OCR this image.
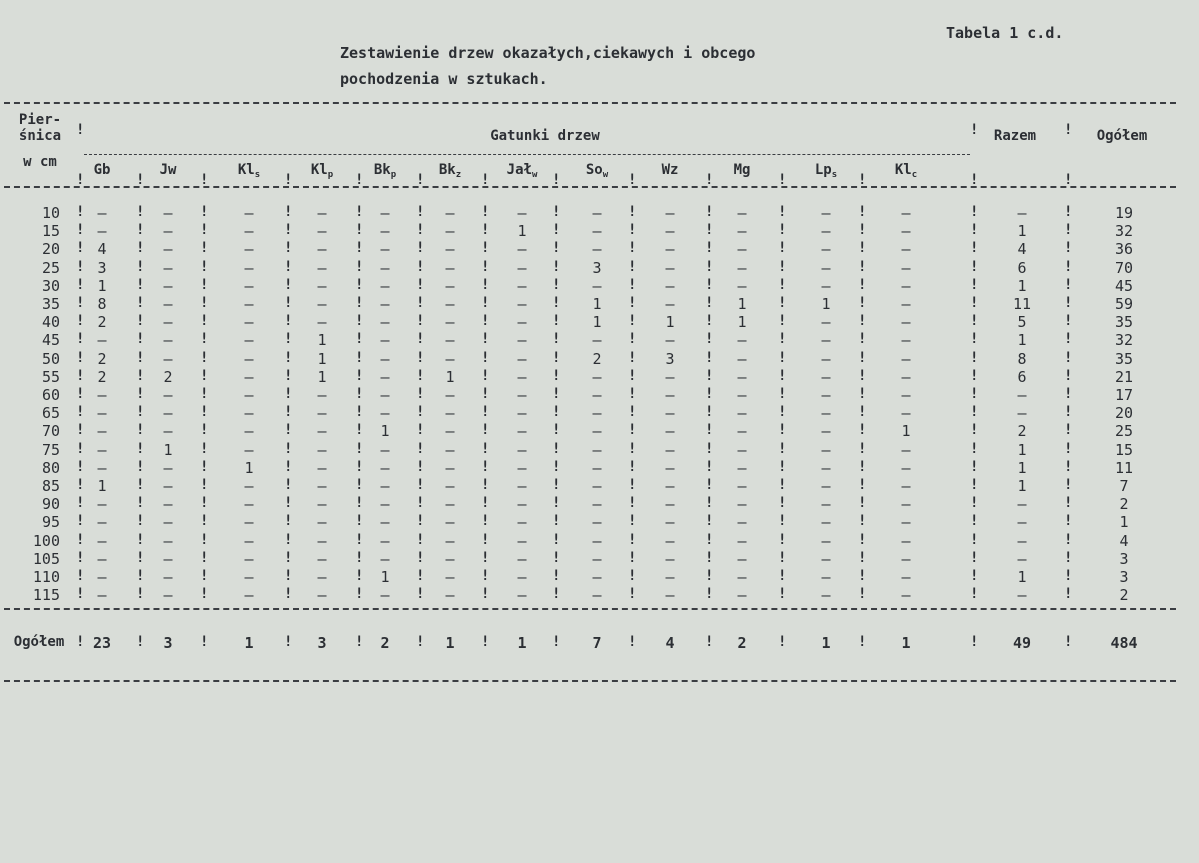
Tabela 1 c.d.
Zestawienie drzew okazałych,ciekawych i obcego
pochodzenia w sztukach.
Pier-
śnica
w cm
Gatunki drzew	Razem	Ogółem
Gb	Jw	$Kl_s$	$Kl_p$	$Bk_p$	$Bk_z$	Jał$_w$	$So_w$	Wz	Mg	$Lp_s$	$Kl_c$
10	–	–	–	–	–	–	–	–	–	–	–	–	–	19
15	–	–	–	–	–	–	1	–	–	–	–	–	1	32
20	4	–	–	–	–	–	–	–	–	–	–	–	4	36
25	3	–	–	–	–	–	–	3	–	–	–	–	6	70
30	1	–	–	–	–	–	–	–	–	–	–	–	1	45
35	8	–	–	–	–	–	–	1	–	1	1	–	11	59
40	2	–	–	–	–	–	–	1	1	1	–	–	5	35
45	–	–	–	1	–	–	–	–	–	–	–	–	1	32
50	2	–	–	1	–	–	–	2	3	–	–	–	8	35
55	2	2	–	1	–	1	–	–	–	–	–	–	6	21
60	–	–	–	–	–	–	–	–	–	–	–	–	–	17
65	–	–	–	–	–	–	–	–	–	–	–	–	–	20
70	–	–	–	–	1	–	–	–	–	–	–	1	2	25
75	–	1	–	–	–	–	–	–	–	–	–	–	1	15
80	–	–	1	–	–	–	–	–	–	–	–	–	1	11
85	1	–	–	–	–	–	–	–	–	–	–	–	1	7
90	–	–	–	–	–	–	–	–	–	–	–	–	–	2
95	–	–	–	–	–	–	–	–	–	–	–	–	–	1
100	–	–	–	–	–	–	–	–	–	–	–	–	–	4
105	–	–	–	–	–	–	–	–	–	–	–	–	–	3
110	–	–	–	–	1	–	–	–	–	–	–	–	1	3
115	–	–	–	–	–	–	–	–	–	–	–	–	–	2
Ogółem	23	3	1	3	2	1	1	7	4	2	1	1	49	484
!	!	!
!	!	!	!	!	!	!	!	!	!	!	!	!	!
!	!	!	!	!	!	!	!	!	!	!	!	!	!
!	!	!	!	!	!	!	!	!	!	!	!	!	!
!	!	!	!	!	!	!	!	!	!	!	!	!	!
!	!	!	!	!	!	!	!	!	!	!	!	!	!
!	!	!	!	!	!	!	!	!	!	!	!	!	!
!	!	!	!	!	!	!	!	!	!	!	!	!	!
!	!	!	!	!	!	!	!	!	!	!	!	!	!
!	!	!	!	!	!	!	!	!	!	!	!	!	!
!	!	!	!	!	!	!	!	!	!	!	!	!	!
!	!	!	!	!	!	!	!	!	!	!	!	!	!
!	!	!	!	!	!	!	!	!	!	!	!	!	!
!	!	!	!	!	!	!	!	!	!	!	!	!	!
!	!	!	!	!	!	!	!	!	!	!	!	!	!
!	!	!	!	!	!	!	!	!	!	!	!	!	!
!	!	!	!	!	!	!	!	!	!	!	!	!	!
!	!	!	!	!	!	!	!	!	!	!	!	!	!
!	!	!	!	!	!	!	!	!	!	!	!	!	!
!	!	!	!	!	!	!	!	!	!	!	!	!	!
!	!	!	!	!	!	!	!	!	!	!	!	!	!
!	!	!	!	!	!	!	!	!	!	!	!	!	!
!	!	!	!	!	!	!	!	!	!	!	!	!	!
!	!	!	!	!	!	!	!	!	!	!	!	!	!
!	!	!	!	!	!	!	!	!	!	!	!	!	!
